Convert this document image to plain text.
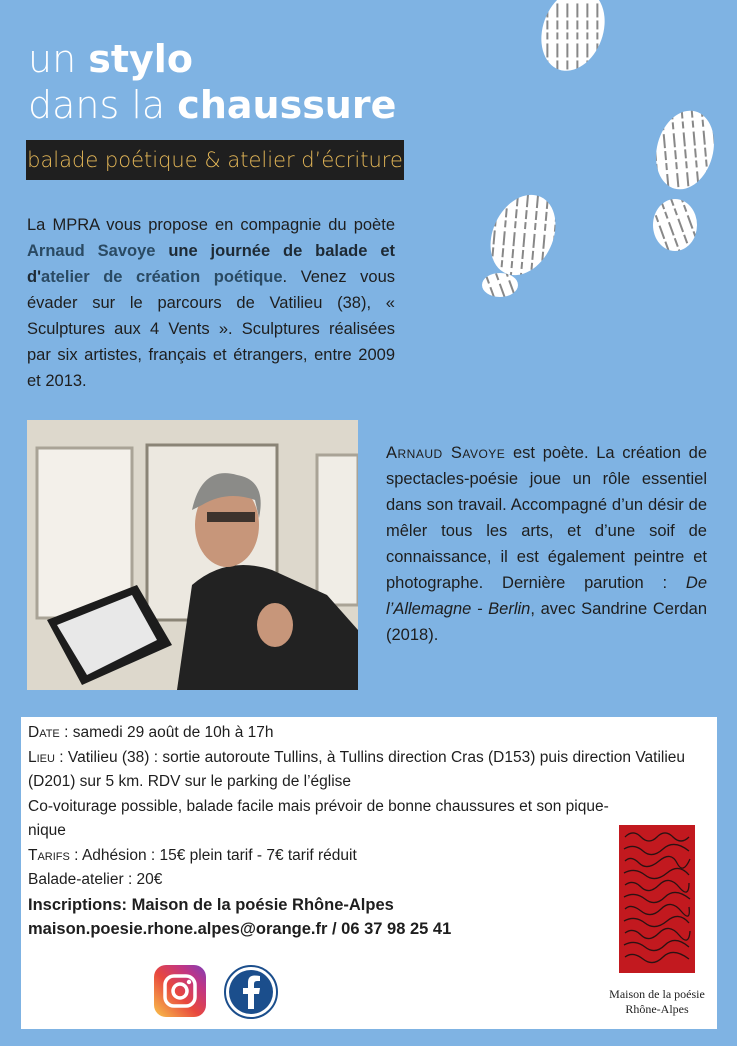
un stylo
dans la chaussure
balade poétique & atelier d’écriture
La MPRA vous propose en compagnie du poète Arnaud Savoye une journée de balade et d'atelier de création poétique. Venez vous évader sur le parcours de Vatilieu (38), « Sculptures aux 4 Vents ». Sculptures réalisées par six artistes, français et étrangers, entre 2009 et 2013.
Arnaud Savoye est poète. La création de spectacles-poésie joue un rôle essentiel dans son travail. Accompagné d’un désir de mêler tous les arts, et d’une soif de connaissance, il est également peintre et photographe. Dernière parution : De l’Allemagne - Berlin, avec Sandrine Cerdan (2018).
Date : samedi 29 août de 10h à 17h
Lieu : Vatilieu (38) : sortie autoroute Tullins, à Tullins direction Cras (D153) puis direction Vatilieu (D201) sur 5 km. RDV sur le parking de l’église
Co-voiturage possible, balade facile mais prévoir de bonne chaussures et son pique- nique
Tarifs : Adhésion : 15€ plein tarif - 7€ tarif réduit
Balade-atelier : 20€
Inscriptions: Maison de la poésie Rhône-Alpes
maison.poesie.rhone.alpes@orange.fr / 06 37 98 25 41
Maison de la poésie
Rhône-Alpes
